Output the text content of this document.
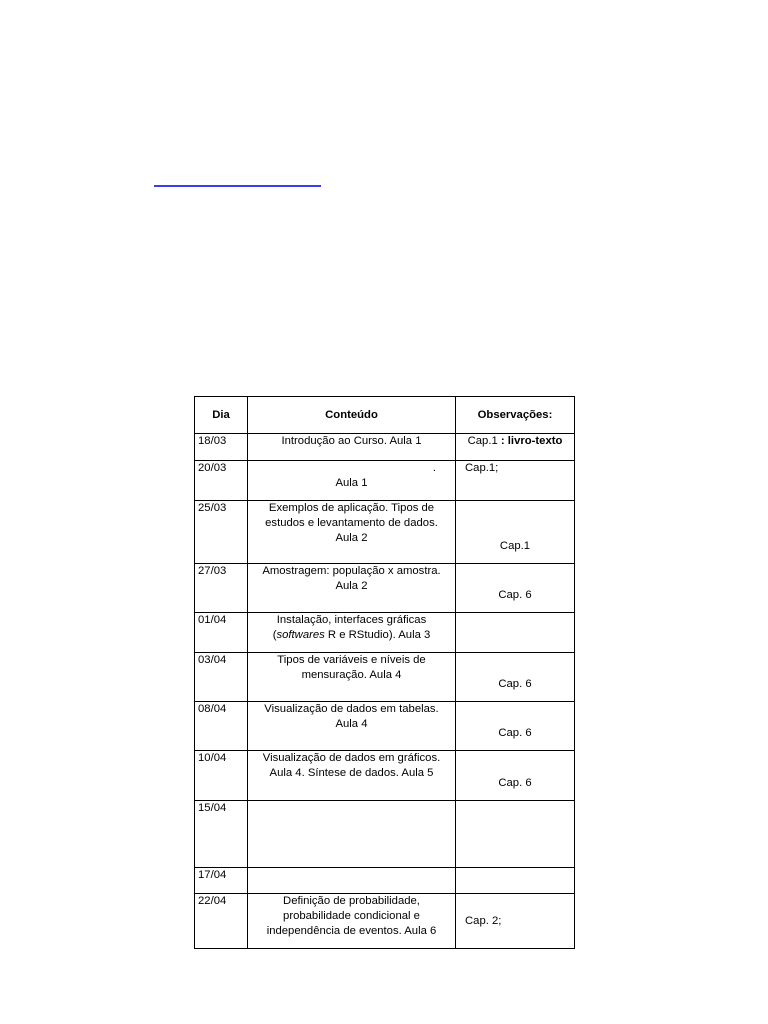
Dia	Conteúdo	Observações:
18/03	Introdução ao Curso. Aula 1	Cap.1 : livro-texto
20/03	.
Aula 1	Cap.1;
25/03	Exemplos de aplicação. Tipos de
estudos e levantamento de dados.
Aula 2	Cap.1
27/03	Amostragem: população x amostra.
Aula 2	Cap. 6
01/04	Instalação, interfaces gráficas
(softwares R e RStudio). Aula 3	

03/04	Tipos de variáveis e níveis de
mensuração. Aula 4	Cap. 6
08/04	Visualização de dados em tabelas.
Aula 4	Cap. 6
10/04	Visualização de dados em gráficos.
Aula 4. Síntese de dados. Aula 5	Cap. 6
15/04		
17/04		
22/04	Definição de probabilidade,
probabilidade condicional e
independência de eventos. Aula 6	Cap. 2;
